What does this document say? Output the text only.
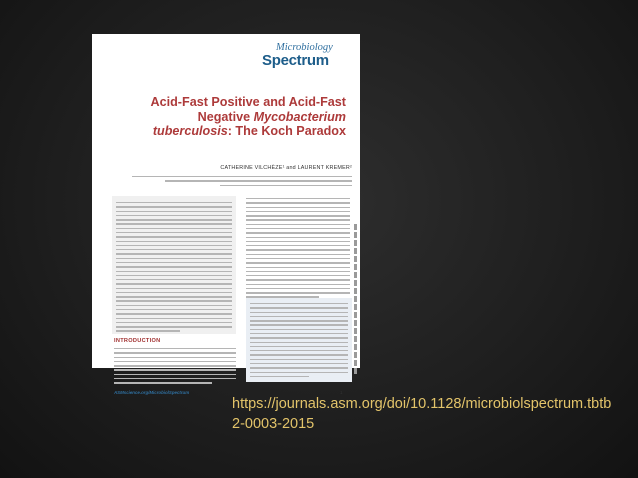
Microbiology
Spectrum
Acid-Fast Positive and Acid-Fast
Negative Mycobacterium
tuberculosis: The Koch Paradox
CATHERINE VILCHÈZE¹ and LAURENT KREMER²
INTRODUCTION
ASMscience.org/MicrobiolSpectrum	1
https://journals.asm.org/doi/10.1128/microbiolspectrum.tbtb2-0003-2015
